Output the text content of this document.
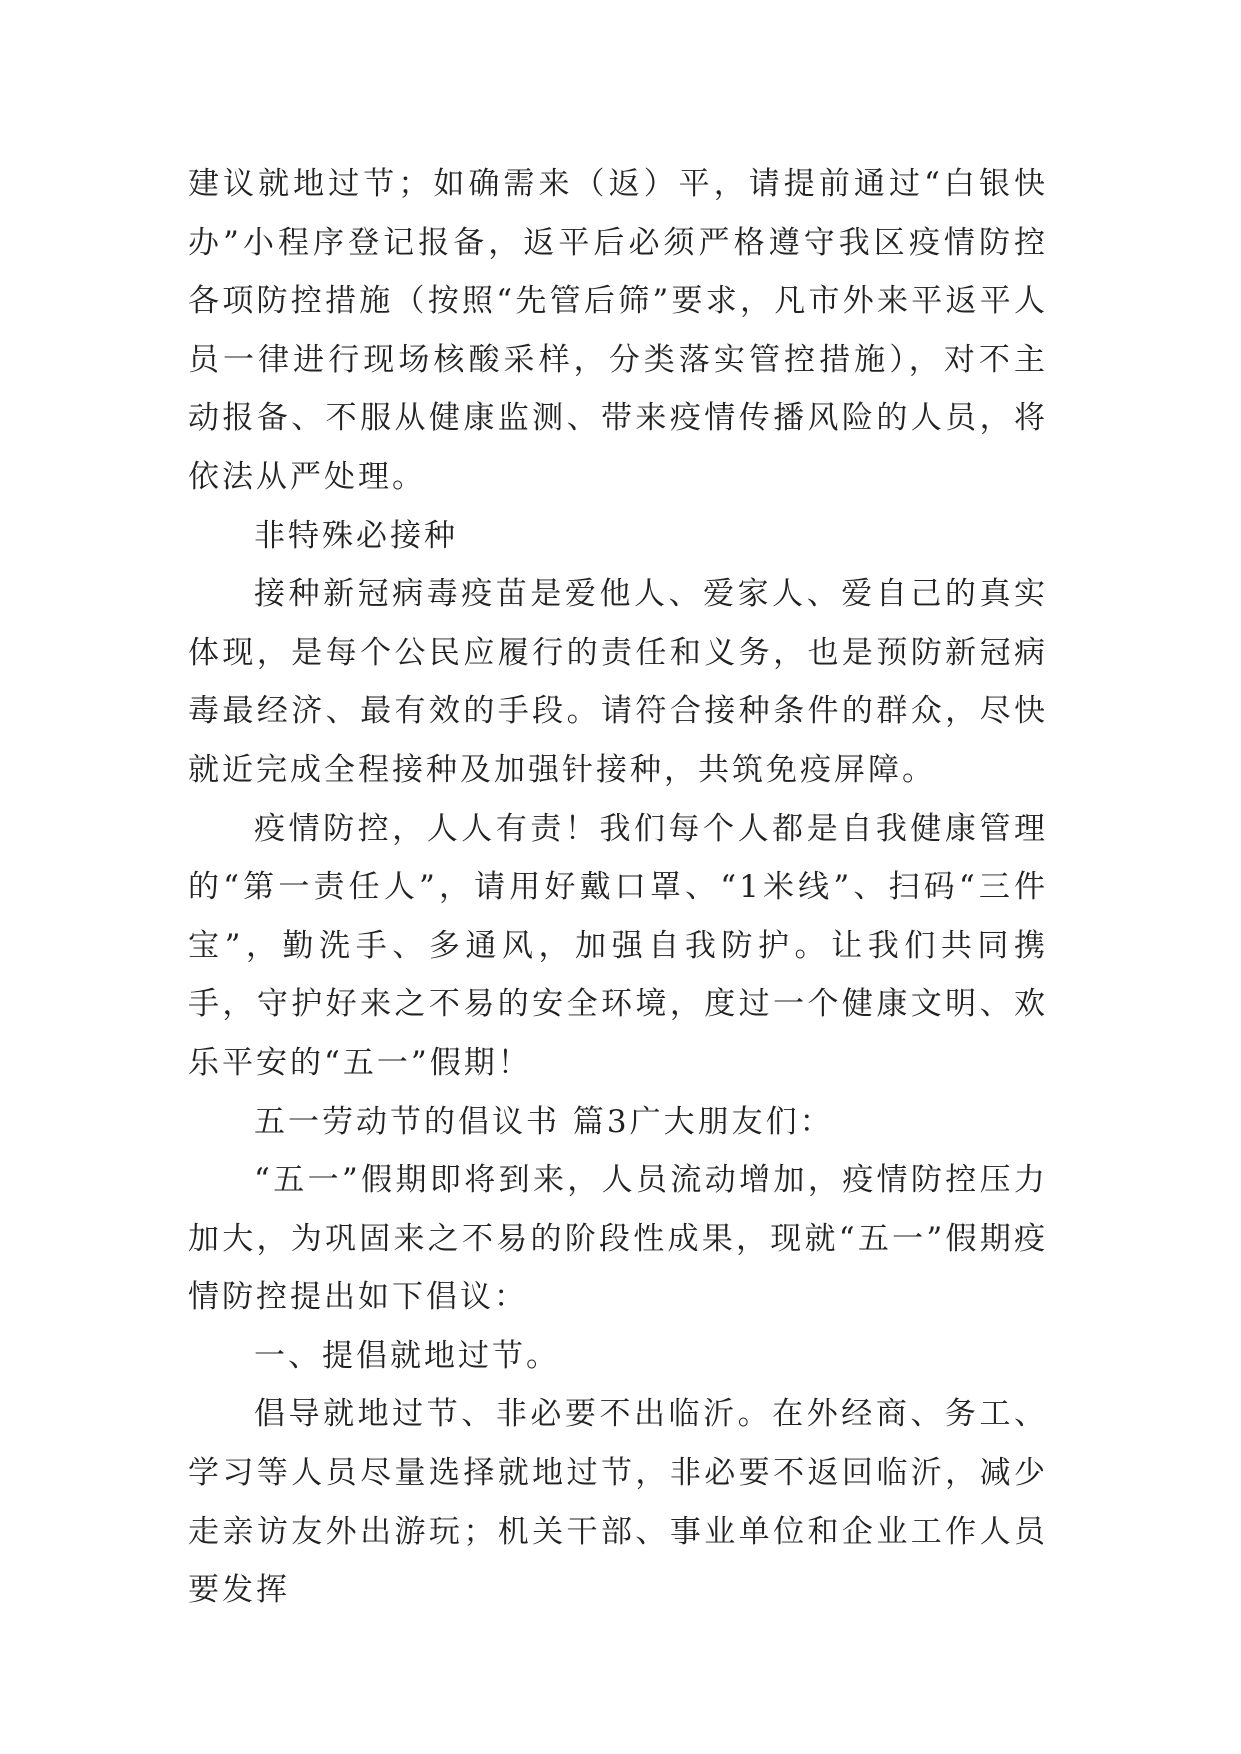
建议就地过节；如确需来（返）平，请提前通过“白银快办”小程序登记报备，返平后必须严格遵守我区疫情防控各项防控措施（按照“先管后筛”要求，凡市外来平返平人员一律进行现场核酸采样，分类落实管控措施），对不主动报备、不服从健康监测、带来疫情传播风险的人员，将依法从严处理。

非特殊必接种

接种新冠病毒疫苗是爱他人、爱家人、爱自己的真实体现，是每个公民应履行的责任和义务，也是预防新冠病毒最经济、最有效的手段。请符合接种条件的群众，尽快就近完成全程接种及加强针接种，共筑免疫屏障。

疫情防控，人人有责！我们每个人都是自我健康管理的“第一责任人”，请用好戴口罩、“1米线”、扫码“三件宝”，勤洗手、多通风，加强自我防护。让我们共同携手，守护好来之不易的安全环境，度过一个健康文明、欢乐平安的“五一”假期！

五一劳动节的倡议书 篇3广大朋友们：

“五一”假期即将到来，人员流动增加，疫情防控压力加大，为巩固来之不易的阶段性成果，现就“五一”假期疫情防控提出如下倡议：

一、提倡就地过节。

倡导就地过节、非必要不出临沂。在外经商、务工、学习等人员尽量选择就地过节，非必要不返回临沂，减少走亲访友外出游玩；机关干部、事业单位和企业工作人员要发挥
